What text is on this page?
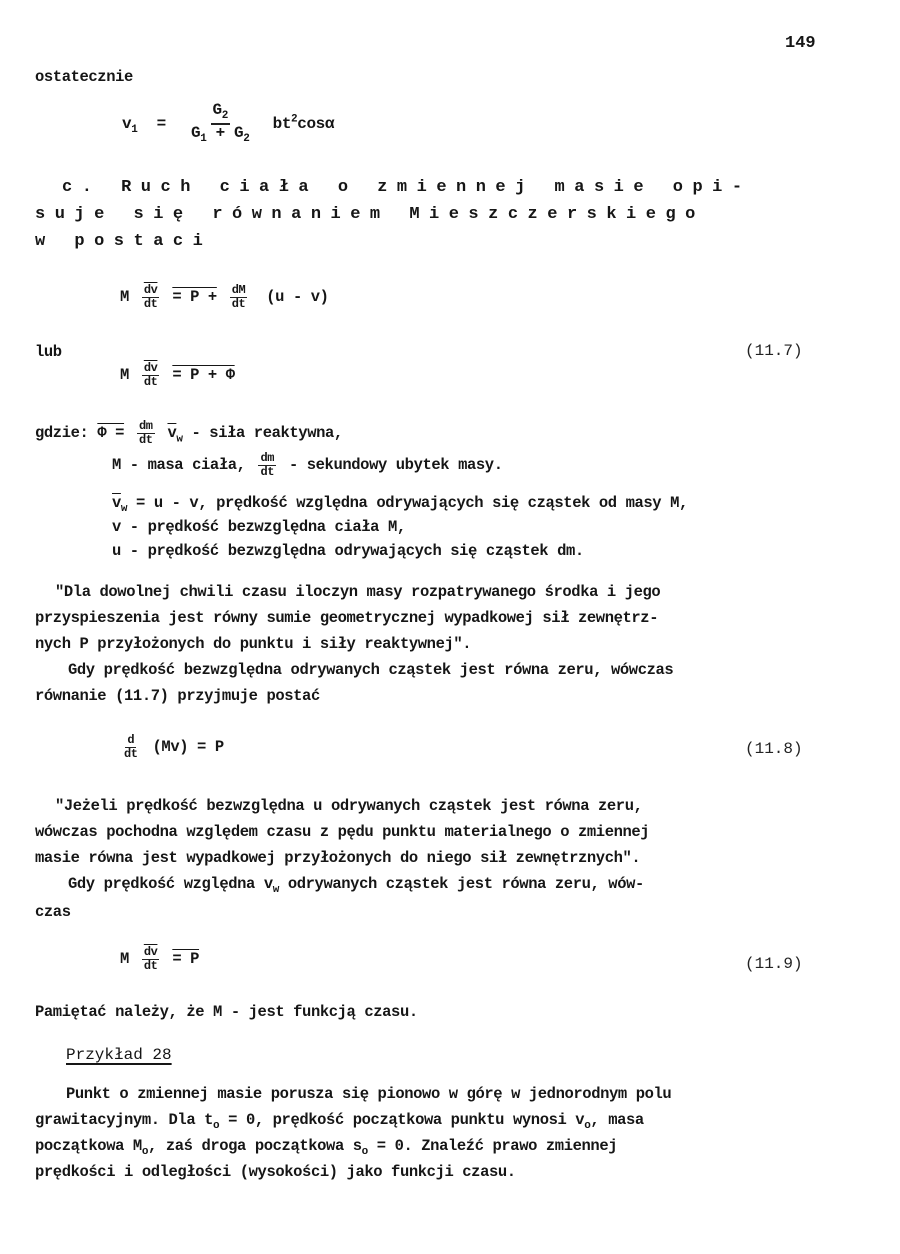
149
ostatecznie
$v_1 = \frac{G_2}{G_1 + G_2} bt^2\cos\alpha$
c. Ruch ciała o zmiennej masie opi-
suje się równaniem Mieszczerskiego
w postaci
M $\frac{\overline{dv}}{dt} = P + \frac{dM}{dt} (u - v)$
lub	(11.7)
M $\frac{\overline{dv}}{dt} = P + \Phi$
gdzie: $\Phi = \frac{dm}{dt} \overline{v}_w$ - siła reaktywna,
M - masa ciała, $\frac{dm}{dt}$ - sekundowy ubytek masy.
$\overline{v}_w = u - v$, prędkość względna odrywających się cząstek od masy M,
v - prędkość bezwzględna ciała M,
u - prędkość bezwzględna odrywających się cząstek dm.
"Dla dowolnej chwili czasu iloczyn masy rozpatrywanego środka i jego
przyspieszenia jest równy sumie geometrycznej wypadkowej sił zewnętrz-
nych P przyłożonych do punktu i siły reaktywnej".
Gdy prędkość bezwzględna odrywanych cząstek jest równa zeru, wówczas
równanie (11.7) przyjmuje postać
$\frac{d}{dt} (Mv) = P$	(11.8)
"Jeżeli prędkość bezwzględna u odrywanych cząstek jest równa zeru,
wówczas pochodna względem czasu z pędu punktu materialnego o zmiennej
masie równa jest wypadkowej przyłożonych do niego sił zewnętrznych".
Gdy prędkość względna $v_w$ odrywanych cząstek jest równa zeru, wów-
czas
M $\frac{\overline{dv}}{dt} = P$	(11.9)
Pamiętać należy, że M - jest funkcją czasu.
Przykład 28
Punkt o zmiennej masie porusza się pionowo w górę w jednorodnym polu
grawitacyjnym. Dla $t_o = 0$, prędkość początkowa punktu wynosi $v_o$, masa
początkowa $M_o$, zaś droga początkowa $s_o = 0$. Znaleźć prawo zmiennej
prędkości i odległości (wysokości) jako funkcji czasu.
